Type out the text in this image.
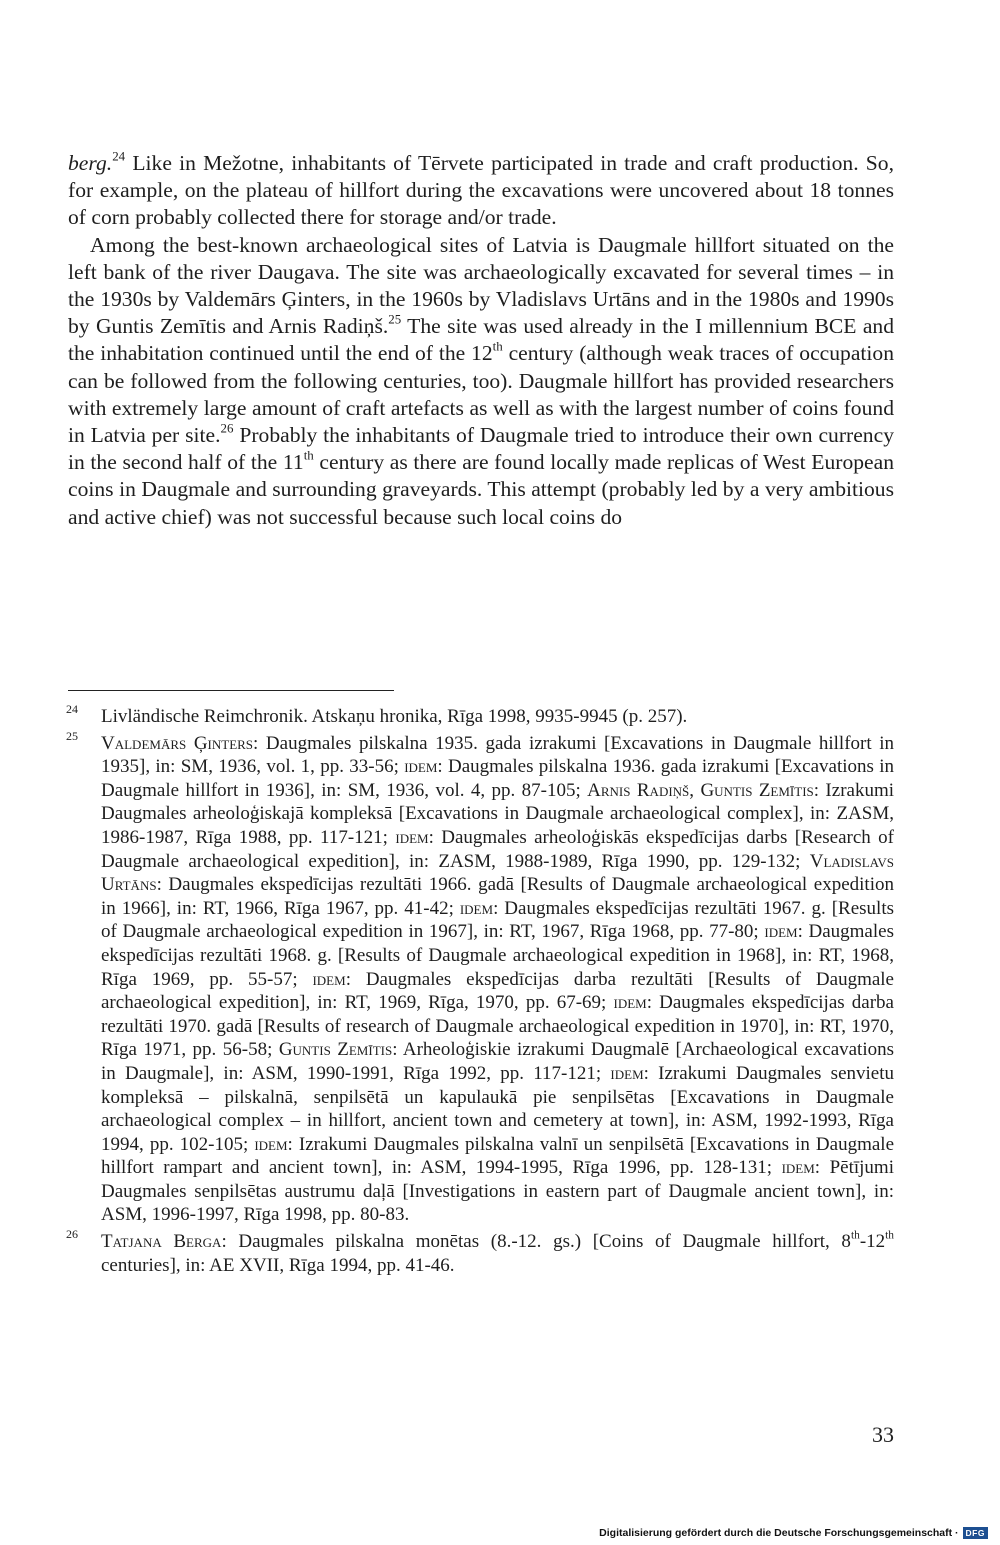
berg.$^{24}$ Like in Mežotne, inhabitants of Tērvete participated in trade and craft production. So, for example, on the plateau of hillfort during the excavations were uncovered about 18 tonnes of corn probably collected there for storage and/or trade.

Among the best-known archaeological sites of Latvia is Daugmale hillfort situated on the left bank of the river Daugava. The site was archaeologically excavated for several times – in the 1930s by Valdemārs Ģinters, in the 1960s by Vladislavs Urtāns and in the 1980s and 1990s by Guntis Zemītis and Arnis Radiņš.$^{25}$ The site was used already in the I millennium BCE and the inhabitation continued until the end of the 12th century (although weak traces of occupation can be followed from the following centuries, too). Daugmale hillfort has provided researchers with extremely large amount of craft artefacts as well as with the largest number of coins found in Latvia per site.$^{26}$ Probably the inhabitants of Daugmale tried to introduce their own currency in the second half of the 11th century as there are found locally made replicas of West European coins in Daugmale and surrounding graveyards. This attempt (probably led by a very ambitious and active chief) was not successful because such local coins do

24 Livländische Reimchronik. Atskaņu hronika, Rīga 1998, 9935-9945 (p. 257).

25 Valdemārs Ģinters: Daugmales pilskalna 1935. gada izrakumi [Excavations in Daugmale hillfort in 1935], in: SM, 1936, vol. 1, pp. 33-56; idem: Daugmales pilskalna 1936. gada izrakumi [Excavations in Daugmale hillfort in 1936], in: SM, 1936, vol. 4, pp. 87-105; Arnis Radiņš, Guntis Zemītis: Izrakumi Daugmales arheoloģiskajā kompleksā [Excavations in Daugmale archaeological complex], in: ZASM, 1986-1987, Rīga 1988, pp. 117-121; idem: Daugmales arheoloģiskās ekspedīcijas darbs [Research of Daugmale archaeological expedition], in: ZASM, 1988-1989, Rīga 1990, pp. 129-132; Vladislavs Urtāns: Daugmales ekspedīcijas rezultāti 1966. gadā [Results of Daugmale archaeological expedition in 1966], in: RT, 1966, Rīga 1967, pp. 41-42; idem: Daugmales ekspedīcijas rezultāti 1967. g. [Results of Daugmale archaeological expedition in 1967], in: RT, 1967, Rīga 1968, pp. 77-80; idem: Daugmales ekspedīcijas rezultāti 1968. g. [Results of Daugmale archaeological expedition in 1968], in: RT, 1968, Rīga 1969, pp. 55-57; idem: Daugmales ekspedīcijas darba rezultāti [Results of Daugmale archaeological expedition], in: RT, 1969, Rīga, 1970, pp. 67-69; idem: Daugmales ekspedīcijas darba rezultāti 1970. gadā [Results of research of Daugmale archaeological expedition in 1970], in: RT, 1970, Rīga 1971, pp. 56-58; Guntis Zemītis: Arheoloģiskie izrakumi Daugmalē [Archaeological excavations in Daugmale], in: ASM, 1990-1991, Rīga 1992, pp. 117-121; idem: Izrakumi Daugmales senvietu kompleksā – pilskalnā, senpilsētā un kapulaukā pie senpilsētas [Excavations in Daugmale archaeological complex – in hillfort, ancient town and cemetery at town], in: ASM, 1992-1993, Rīga 1994, pp. 102-105; idem: Izrakumi Daugmales pilskalna valnī un senpilsētā [Excavations in Daugmale hillfort rampart and ancient town], in: ASM, 1994-1995, Rīga 1996, pp. 128-131; idem: Pētījumi Daugmales senpilsētas austrumu daļā [Investigations in eastern part of Daugmale ancient town], in: ASM, 1996-1997, Rīga 1998, pp. 80-83.

26 Tatjana Berga: Daugmales pilskalna monētas (8.-12. gs.) [Coins of Daugmale hillfort, 8th-12th centuries], in: AE XVII, Rīga 1994, pp. 41-46.

33
Digitalisierung gefördert durch die Deutsche Forschungsgemeinschaft · DFG
